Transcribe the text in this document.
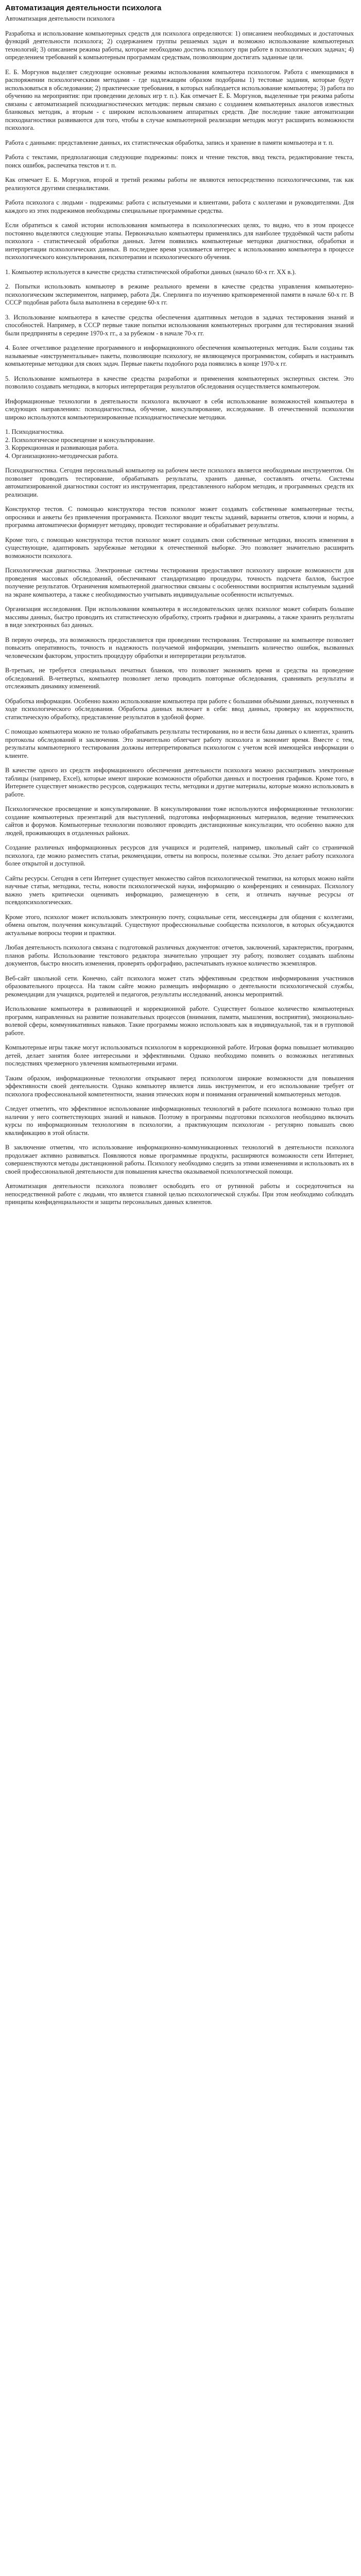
Автоматизация деятельности психолога

Автоматизация деятельности психолога

Разработка и использование компьютерных средств для психолога определяются: 1) описанием необходимых и достаточных функций деятельности психолога; 2) содержанием группы решаемых задач и возможно использование компьютерных технологий; 3) описанием режима работы, которые необходимо достичь психологу при работе в психологических задачах; 4) определением требований к компьютерным программам средствам, позволяющим достигать заданные цели.

Е. Б. Моргунов выделяет следующие основные режимы использования компьютера психологом. Работа с имеющимися в распоряжении психологическими методами - где надлежащим образом подобраны 1) тестовые задания, которые будут использоваться в обследовании; 2) практические требования, в которых наблюдается использование компьютера; 3) работа по обучению на мероприятия: при проведении деловых игр т. п.). Как отмечает Е. Б. Моргунов, выделенные три режима работы связаны с автоматизацией психодиагностических методик: первым связано с созданием компьютерных аналогов известных бланковых методик, а вторым - с широким использованием аппаратных средств. Две последние такие автоматизации психодиагностики развиваются для того, чтобы в случае компьютерной реализации методик могут расширить возможности психолога.

Работа с данными: представление данных, их статистическая обработка, запись и хранение в памяти компьютера и т. п.

Работа с текстами, предполагающая следующие подрежимы: поиск и чтение текстов, ввод текста, редактирование текста, поиск ошибок, распечатка текстов и т. п.

Как отмечает Е. Б. Моргунов, второй и третий режимы работы не являются непосредственно психологическими, так как реализуются другими специалистами.

Работа психолога с людьми - подрежимы: работа с испытуемыми и клиентами, работа с коллегами и руководителями. Для каждого из этих подрежимов необходимы специальные программные средства.

Если обратиться к самой истории использования компьютера в психологических целях, то видно, что в этом процессе постоянно выделяются следующие этапы. Первоначально компьютеры применялись для наиболее трудоёмкой части работы психолога - статистической обработки данных. Затем появились компьютерные методики диагностики, обработки и интерпретации психологических данных. В последнее время усиливается интерес к использованию компьютера в процессе психологического консультирования, психотерапии и психологического обучения.

1. Компьютер используется в качестве средства статистической обработки данных (начало 60-х гг. XX в.).

2. Попытки использовать компьютер в режиме реального времени в качестве средства управления компьютерно-психологическим экспериментом, например, работа Дж. Сперлинга по изучению кратковременной памяти в начале 60-х гг. В СССР подобная работа была выполнена в середине 60-х гг.

3. Использование компьютера в качестве средства обеспечения адаптивных методов в задачах тестирования знаний и способностей. Например, в СССР первые такие попытки использования компьютерных программ для тестирования знаний были предприняты в середине 1970-х гг., а за рубежом - в начале 70-х гг.

4. Более отчетливое разделение программного и информационного обеспечения компьютерных методик. Были созданы так называемые «инструментальные» пакеты, позволяющие психологу, не являющемуся программистом, собирать и настраивать компьютерные методики для своих задач. Первые пакеты подобного рода появились в конце 1970-х гг.

5. Использование компьютера в качестве средства разработки и применения компьютерных экспертных систем. Это позволило создавать методики, в которых интерпретация результатов обследования осуществляется компьютером.

Информационные технологии в деятельности психолога включают в себя использование возможностей компьютера в следующих направлениях: психодиагностика, обучение, консультирование, исследование. В отечественной психологии широко используются компьютеризированные психодиагностические методики.

1. Психодиагностика.

2. Психологическое просвещение и консультирование.

3. Коррекционная и развивающая работа.

4. Организационно-методическая работа.

Психодиагностика. Сегодня персональный компьютер на рабочем месте психолога является необходимым инструментом. Он позволяет проводить тестирование, обрабатывать результаты, хранить данные, составлять отчеты. Системы автоматизированной диагностики состоят из инструментария, представленного набором методик, и программных средств их реализации.

Конструктор тестов. С помощью конструктора тестов психолог может создавать собственные компьютерные тесты, опросники и анкеты без привлечения программиста. Психолог вводит тексты заданий, варианты ответов, ключи и нормы, а программа автоматически формирует методику, проводит тестирование и обрабатывает результаты.

Кроме того, с помощью конструктора тестов психолог может создавать свои собственные методики, вносить изменения в существующие, адаптировать зарубежные методики к отечественной выборке. Это позволяет значительно расширить возможности психолога.

Психологическая диагностика. Электронные системы тестирования предоставляют психологу широкие возможности для проведения массовых обследований, обеспечивают стандартизацию процедуры, точность подсчета баллов, быстрое получение результатов. Ограничения компьютерной диагностики связаны с особенностями восприятия испытуемым заданий на экране компьютера, а также с необходимостью учитывать индивидуальные особенности испытуемых.

Организация исследования. При использовании компьютера в исследовательских целях психолог может собирать большие массивы данных, быстро проводить их статистическую обработку, строить графики и диаграммы, а также хранить результаты в виде электронных баз данных.

В первую очередь, эта возможность предоставляется при проведении тестирования. Тестирование на компьютере позволяет повысить оперативность, точность и надежность получаемой информации, уменьшить количество ошибок, вызванных человеческим фактором, упростить процедуру обработки и интерпретации результатов.

В-третьих, не требуется специальных печатных бланков, что позволяет экономить время и средства на проведение обследований. В-четвертых, компьютер позволяет легко проводить повторные обследования, сравнивать результаты и отслеживать динамику изменений.

Обработка информации. Особенно важно использование компьютера при работе с большими объёмами данных, полученных в ходе психологического обследования. Обработка данных включает в себя: ввод данных, проверку их корректности, статистическую обработку, представление результатов в удобной форме.

С помощью компьютера можно не только обрабатывать результаты тестирования, но и вести базы данных о клиентах, хранить протоколы обследований и заключения. Это значительно облегчает работу психолога и экономит время. Вместе с тем, результаты компьютерного тестирования должны интерпретироваться психологом с учетом всей имеющейся информации о клиенте.

В качестве одного из средств информационного обеспечения деятельности психолога можно рассматривать электронные таблицы (например, Excel), которые имеют широкие возможности обработки данных и построения графиков. Кроме того, в Интернете существует множество ресурсов, содержащих тесты, методики и другие материалы, которые можно использовать в работе.

Психологическое просвещение и консультирование. В консультировании тоже используются информационные технологии: создание компьютерных презентаций для выступлений, подготовка информационных материалов, ведение тематических сайтов и форумов. Компьютерные технологии позволяют проводить дистанционные консультации, что особенно важно для людей, проживающих в отдаленных районах.

Создание различных информационных ресурсов для учащихся и родителей, например, школьный сайт со страничкой психолога, где можно разместить статьи, рекомендации, ответы на вопросы, полезные ссылки. Это делает работу психолога более открытой и доступной.

Сайты ресурсы. Сегодня в сети Интернет существует множество сайтов психологической тематики, на которых можно найти научные статьи, методики, тесты, новости психологической науки, информацию о конференциях и семинарах. Психологу важно уметь критически оценивать информацию, размещенную в сети, и отличать научные ресурсы от псевдопсихологических.

Кроме этого, психолог может использовать электронную почту, социальные сети, мессенджеры для общения с коллегами, обмена опытом, получения консультаций. Существуют профессиональные сообщества психологов, в которых обсуждаются актуальные вопросы теории и практики.

Любая деятельность психолога связана с подготовкой различных документов: отчетов, заключений, характеристик, программ, планов работы. Использование текстового редактора значительно упрощает эту работу, позволяет создавать шаблоны документов, быстро вносить изменения, проверять орфографию, распечатывать нужное количество экземпляров.

Веб-сайт школьной сети. Конечно, сайт психолога может стать эффективным средством информирования участников образовательного процесса. На таком сайте можно размещать информацию о деятельности психологической службы, рекомендации для учащихся, родителей и педагогов, результаты исследований, анонсы мероприятий.

Использование компьютера в развивающей и коррекционной работе. Существует большое количество компьютерных программ, направленных на развитие познавательных процессов (внимания, памяти, мышления, восприятия), эмоционально-волевой сферы, коммуникативных навыков. Такие программы можно использовать как в индивидуальной, так и в групповой работе.

Компьютерные игры также могут использоваться психологом в коррекционной работе. Игровая форма повышает мотивацию детей, делает занятия более интересными и эффективными. Однако необходимо помнить о возможных негативных последствиях чрезмерного увлечения компьютерными играми.

Таким образом, информационные технологии открывают перед психологом широкие возможности для повышения эффективности своей деятельности. Однако компьютер является лишь инструментом, и его использование требует от психолога профессиональной компетентности, знания этических норм и понимания ограничений компьютерных методов.

Следует отметить, что эффективное использование информационных технологий в работе психолога возможно только при наличии у него соответствующих знаний и навыков. Поэтому в программы подготовки психологов необходимо включать курсы по информационным технологиям в психологии, а практикующим психологам - регулярно повышать свою квалификацию в этой области.

В заключение отметим, что использование информационно-коммуникационных технологий в деятельности психолога продолжает активно развиваться. Появляются новые программные продукты, расширяются возможности сети Интернет, совершенствуются методы дистанционной работы. Психологу необходимо следить за этими изменениями и использовать их в своей профессиональной деятельности для повышения качества оказываемой психологической помощи.

Автоматизация деятельности психолога позволяет освободить его от рутинной работы и сосредоточиться на непосредственной работе с людьми, что является главной целью психологической службы. При этом необходимо соблюдать принципы конфиденциальности и защиты персональных данных клиентов.
